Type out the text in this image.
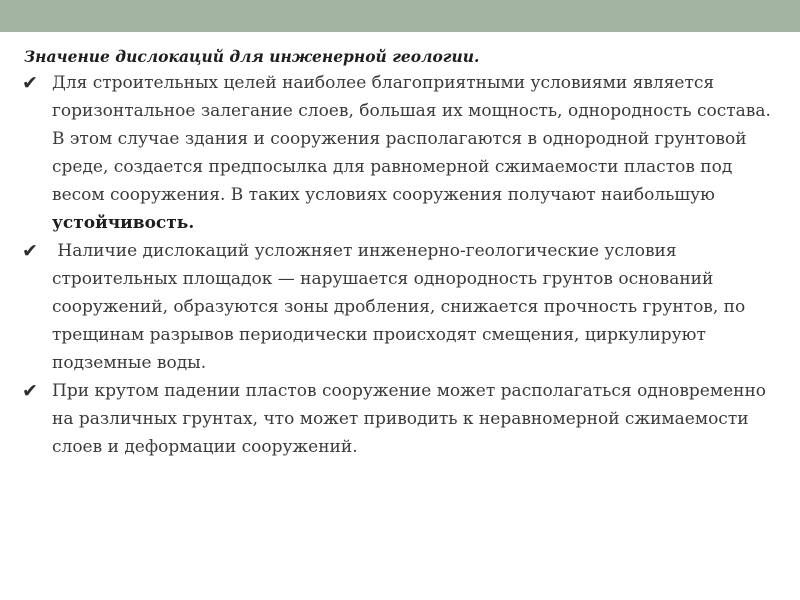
Значение дислокаций для инженерной геологии.

✔ Для строительных целей наиболее благоприятными условиями является горизонтальное залегание слоев, большая их мощность, однородность состава. В этом случае здания и сооружения располагаются в однородной грунтовой среде, создается предпосылка для равномерной сжимаемости пластов под весом сооружения. В таких условиях сооружения получают наибольшую устойчивость.
✔	Наличие дислокаций усложняет инженерно-геологические условия строительных площадок — нарушается однородность грунтов оснований сооружений, образуются зоны дробления, снижается прочность грунтов, по трещинам разрывов периодически происходят смещения, циркулируют подземные воды.
✔ При крутом падении пластов сооружение может располагаться одновременно на различных грунтах, что может приводить к неравномерной сжимаемости слоев и деформации сооружений.
